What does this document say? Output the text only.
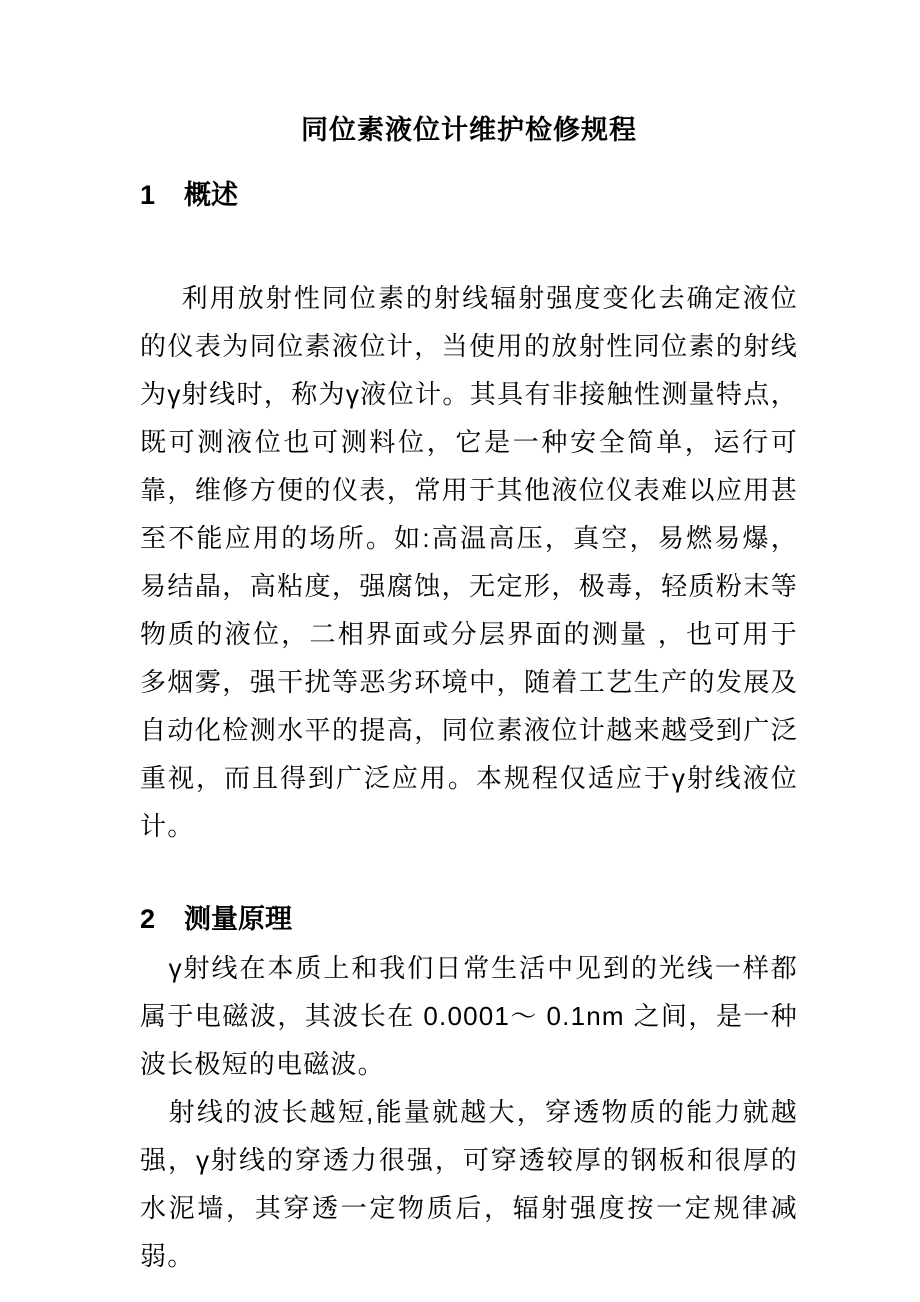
同位素液位计维护检修规程
1 概述

利用放射性同位素的射线辐射强度变化去确定液位的仪表为同位素液位计，当使用的放射性同位素的射线为γ射线时，称为γ液位计。其具有非接触性测量特点，既可测液位也可测料位，它是一种安全简单，运行可靠，维修方便的仪表，常用于其他液位仪表难以应用甚至不能应用的场所。如:高温高压，真空，易燃易爆，易结晶，高粘度，强腐蚀，无定形，极毒，轻质粉末等物质的液位，二相界面或分层界面的测量 ，也可用于多烟雾，强干扰等恶劣环境中，随着工艺生产的发展及自动化检测水平的提高，同位素液位计越来越受到广泛重视，而且得到广泛应用。本规程仅适应于γ射线液位计。

2 测量原理

γ射线在本质上和我们日常生活中见到的光线一样都属于电磁波，其波长在 0.0001～ 0.1nm 之间，是一种波长极短的电磁波。

射线的波长越短,能量就越大，穿透物质的能力就越强，γ射线的穿透力很强，可穿透较厚的钢板和很厚的水泥墙，其穿透一定物质后，辐射强度按一定规律减弱。
